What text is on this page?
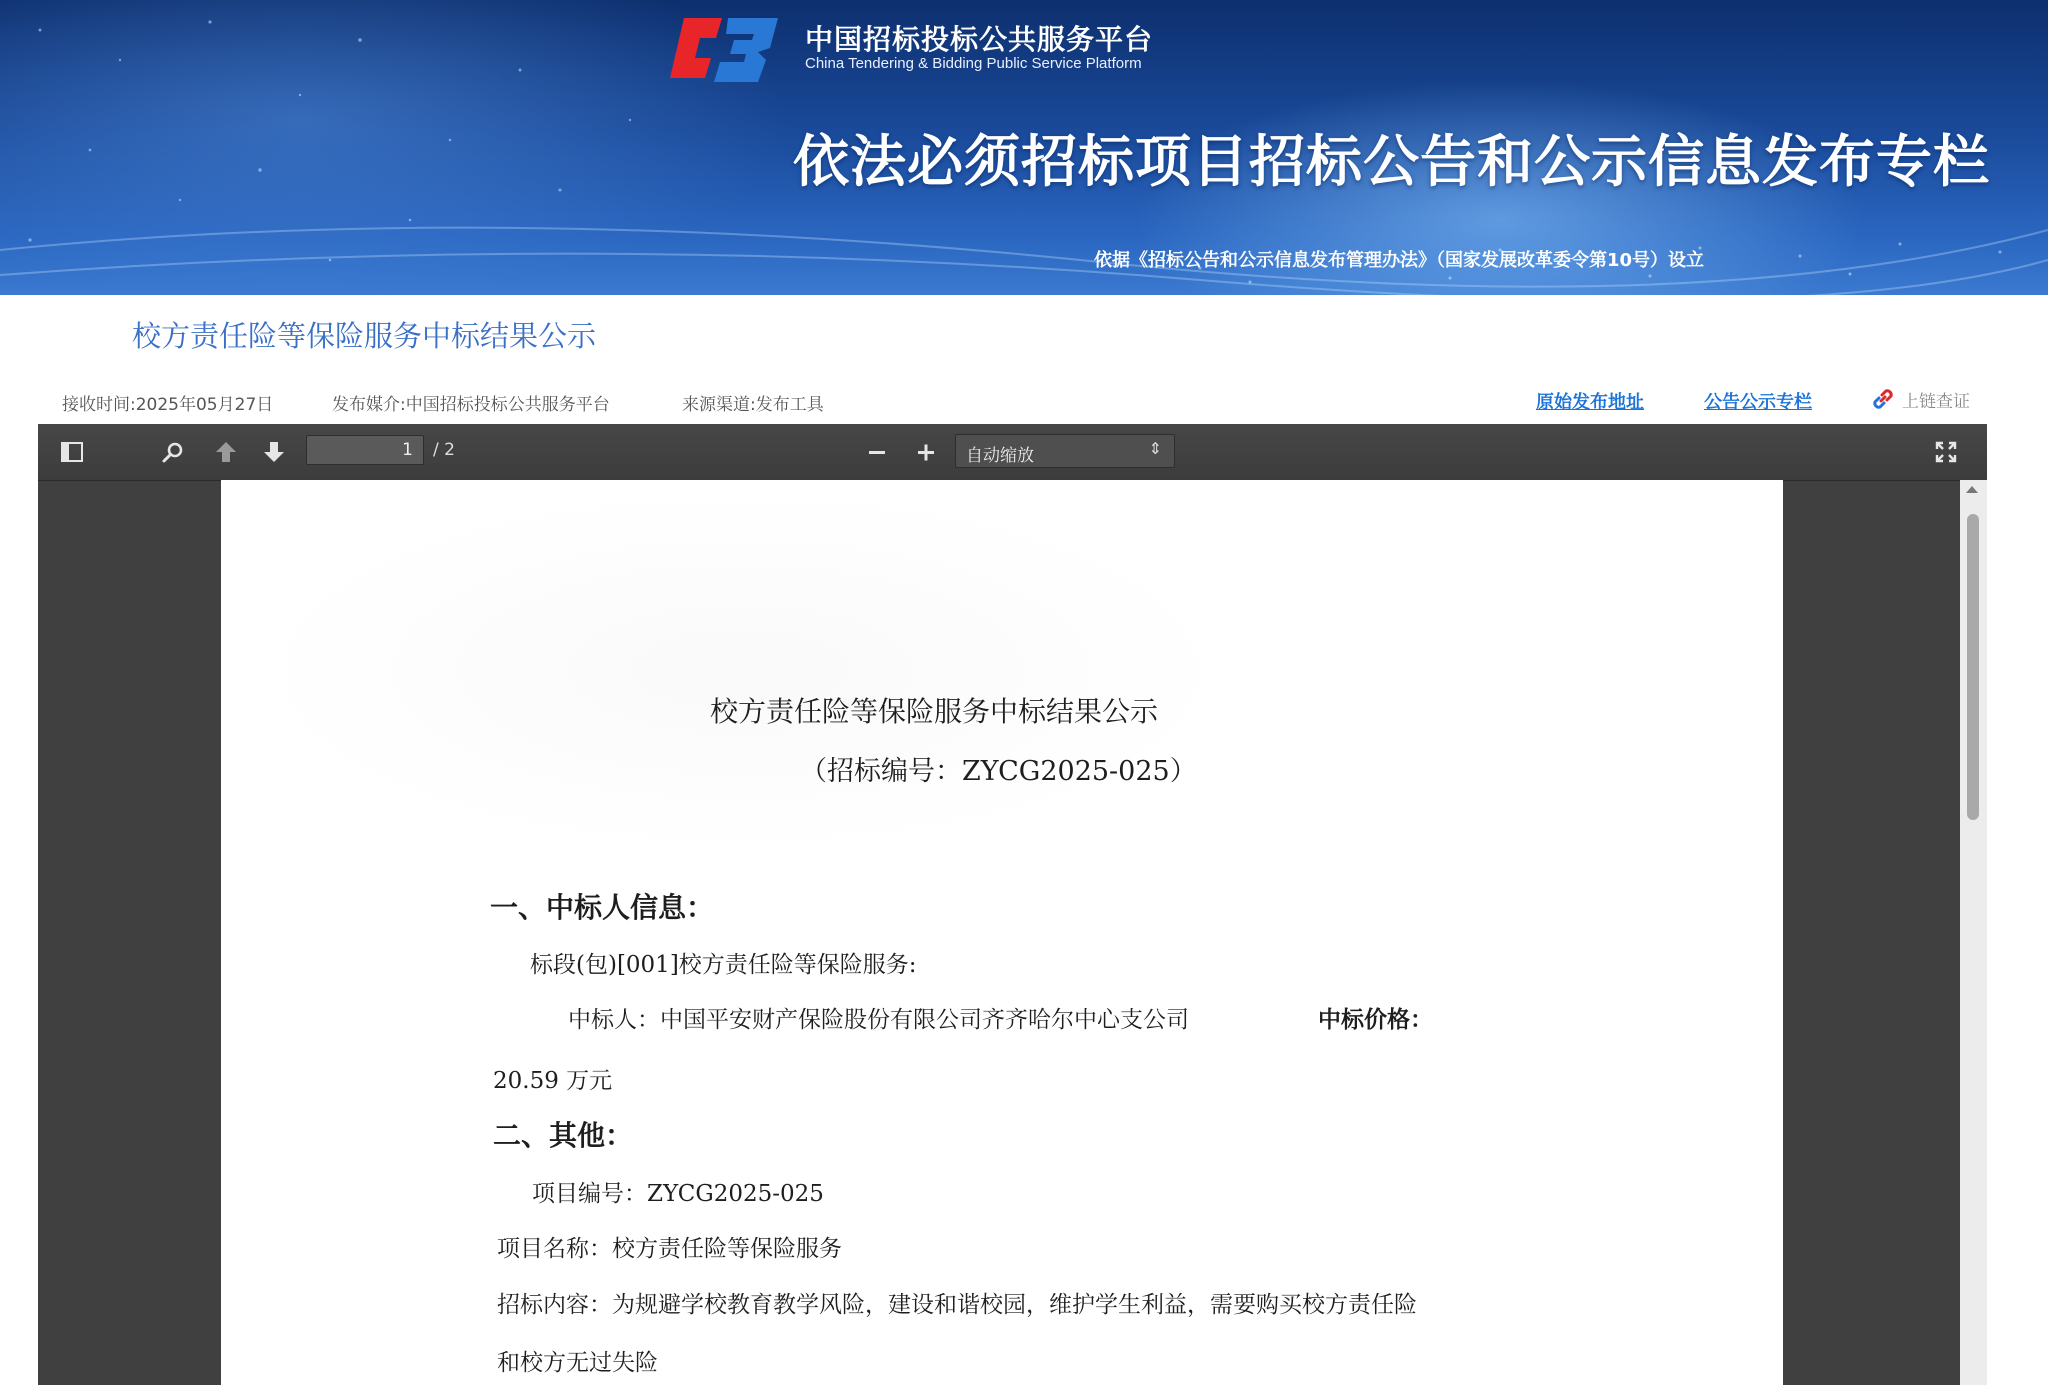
中国招标投标公共服务平台
China Tendering & Bidding Public Service Platform
依法必须招标项目招标公告和公示信息发布专栏
依据《招标公告和公示信息发布管理办法》（国家发展改革委令第10号）设立
校方责任险等保险服务中标结果公示
接收时间:2025年05月27日	发布媒介:中国招标投标公共服务平台	来源渠道:发布工具	原始发布地址	公告公示专栏	上链查证
1
/ 2	自动缩放	⇕
校方责任险等保险服务中标结果公示
（招标编号：ZYCG2025-025）
一、中标人信息：
标段(包)[001]校方责任险等保险服务:
中标人：中国平安财产保险股份有限公司齐齐哈尔中心支公司	中标价格：
20.59 万元
二、其他：
项目编号：ZYCG2025-025
项目名称：校方责任险等保险服务
招标内容：为规避学校教育教学风险，建设和谐校园，维护学生利益，需要购买校方责任险
和校方无过失险
